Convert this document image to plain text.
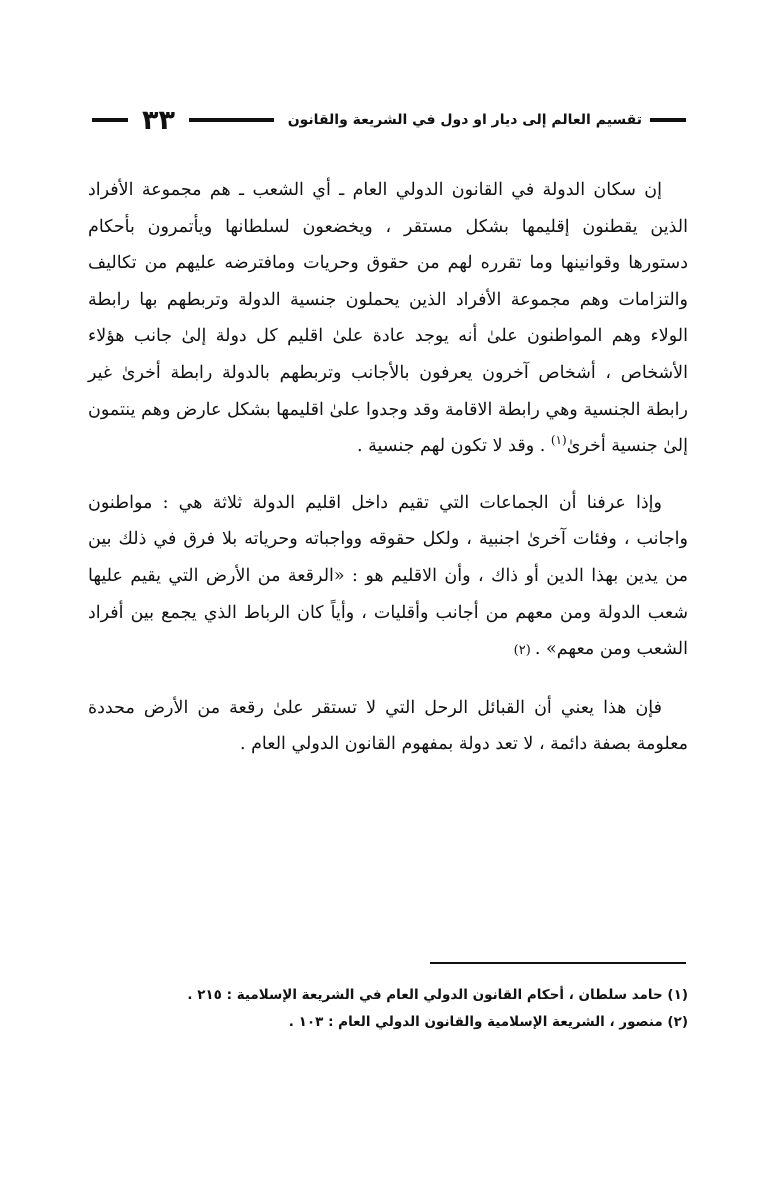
تقسيم العالم إلى ديار او دول في الشريعة والقانون
٣٣

إن سكان الدولة في القانون الدولي العام ـ أي الشعب ـ هم مجموعة الأفراد الذين يقطنون إقليمها بشكل مستقر ، ويخضعون لسلطانها ويأتمرون بأحكام دستورها وقوانينها وما تقرره لهم من حقوق وحريات ومافترضه عليهم من تكاليف والتزامات وهم مجموعة الأفراد الذين يحملون جنسية الدولة وتربطهم بها رابطة الولاء وهم المواطنون علىٰ أنه يوجد عادة علىٰ اقليم كل دولة إلىٰ جانب هؤلاء الأشخاص ، أشخاص آخرون يعرفون بالأجانب وتربطهم بالدولة رابطة أخرىٰ غير رابطة الجنسية وهي رابطة الاقامة وقد وجدوا علىٰ اقليمها بشكل عارض وهم ينتمون إلىٰ جنسية أخرىٰ$^{(١)}$ . وقد لا تكون لهم جنسية .

وإذا عرفنا أن الجماعات التي تقيم داخل اقليم الدولة ثلاثة هي : مواطنون واجانب ، وفئات آخرىٰ اجنبية ، ولكل حقوقه وواجباته وحرياته بلا فرق في ذلك بين من يدين بهذا الدين أو ذاك ، وأن الاقليم هو : «الرقعة من الأرض التي يقيم عليها شعب الدولة ومن معهم من أجانب وأقليات ، وأياً كان الرباط الذي يجمع بين أفراد الشعب ومن معهم» . (٢)

فإن هذا يعني أن القبائل الرحل التي لا تستقر علىٰ رقعة من الأرض محددة معلومة بصفة دائمة ، لا تعد دولة بمفهوم القانون الدولي العام .

(١) حامد سلطان ، أحكام القانون الدولي العام في الشريعة الإسلامية : ٢١٥ .
(٢) منصور ، الشريعة الإسلامية والقانون الدولي العام : ١٠٣ .
